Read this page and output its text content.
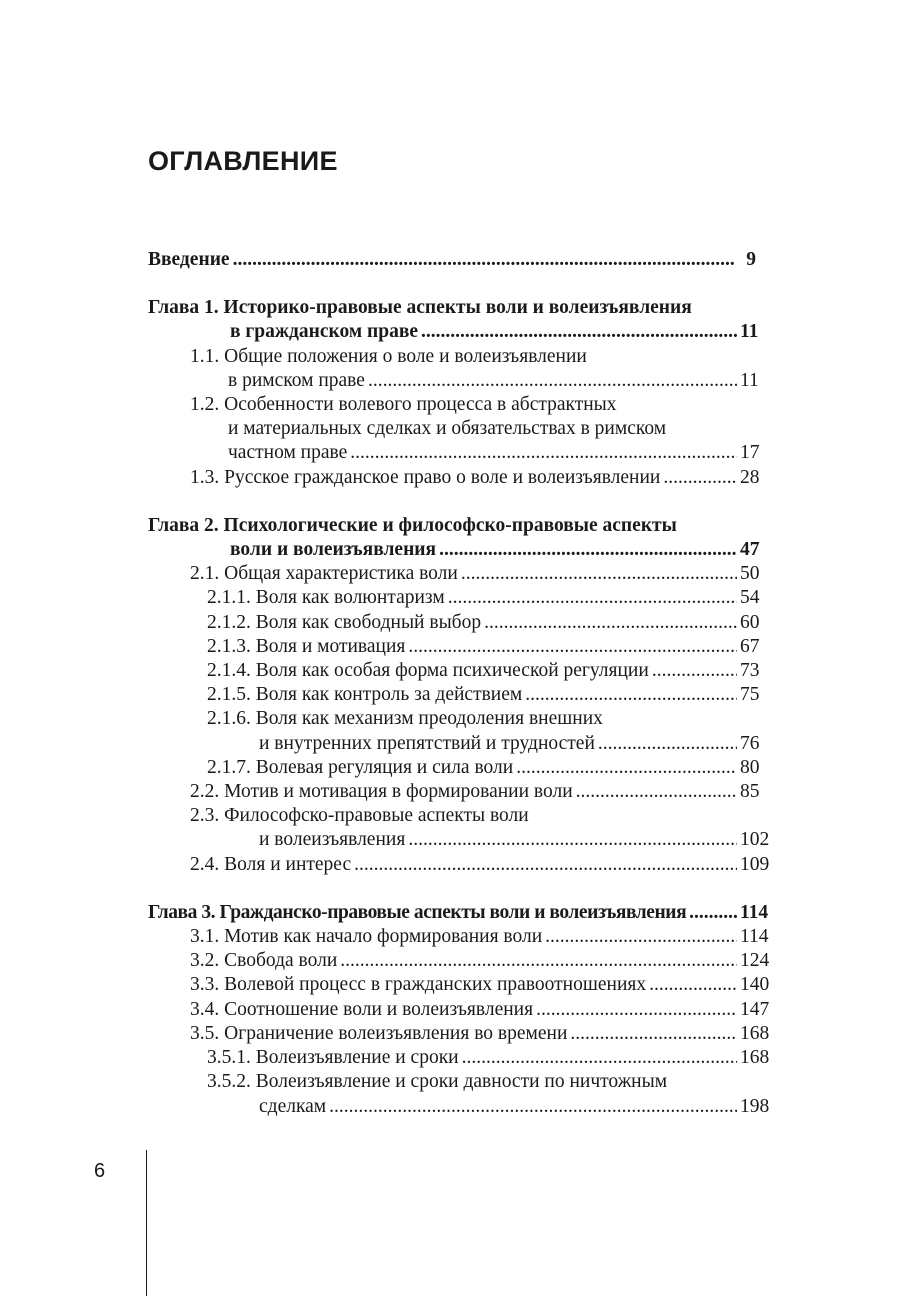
ОГЛАВЛЕНИЕ
Введение .....	9
Глава 1. Историко-правовые аспекты воли и волеизъявления
в гражданском праве .....	11
1.1. Общие положения о воле и волеизъявлении
в римском праве .....	11
1.2. Особенности волевого процесса в абстрактных
и материальных сделках и обязательствах в римском
частном праве .....	17
1.3. Русское гражданское право о воле и волеизъявлении .....	28
Глава 2. Психологические и философско-правовые аспекты
воли и волеизъявления .....	47
2.1. Общая характеристика воли .....	50
2.1.1. Воля как волюнтаризм .....	54
2.1.2. Воля как свободный выбор .....	60
2.1.3. Воля и мотивация .....	67
2.1.4. Воля как особая форма психической регуляции .....	73
2.1.5. Воля как контроль за действием .....	75
2.1.6. Воля как механизм преодоления внешних
и внутренних препятствий и трудностей .....	76
2.1.7. Волевая регуляция и сила воли .....	80
2.2. Мотив и мотивация в формировании воли .....	85
2.3. Философско-правовые аспекты воли
и волеизъявления .....	102
2.4. Воля и интерес .....	109
Глава 3. Гражданско-правовые аспекты воли и волеизъявления .....	114
3.1. Мотив как начало формирования воли .....	114
3.2. Свобода воли .....	124
3.3. Волевой процесс в гражданских правоотношениях .....	140
3.4. Соотношение воли и волеизъявления .....	147
3.5. Ограничение волеизъявления во времени .....	168
3.5.1. Волеизъявление и сроки .....	168
3.5.2. Волеизъявление и сроки давности по ничтожным
сделкам .....	198
6
